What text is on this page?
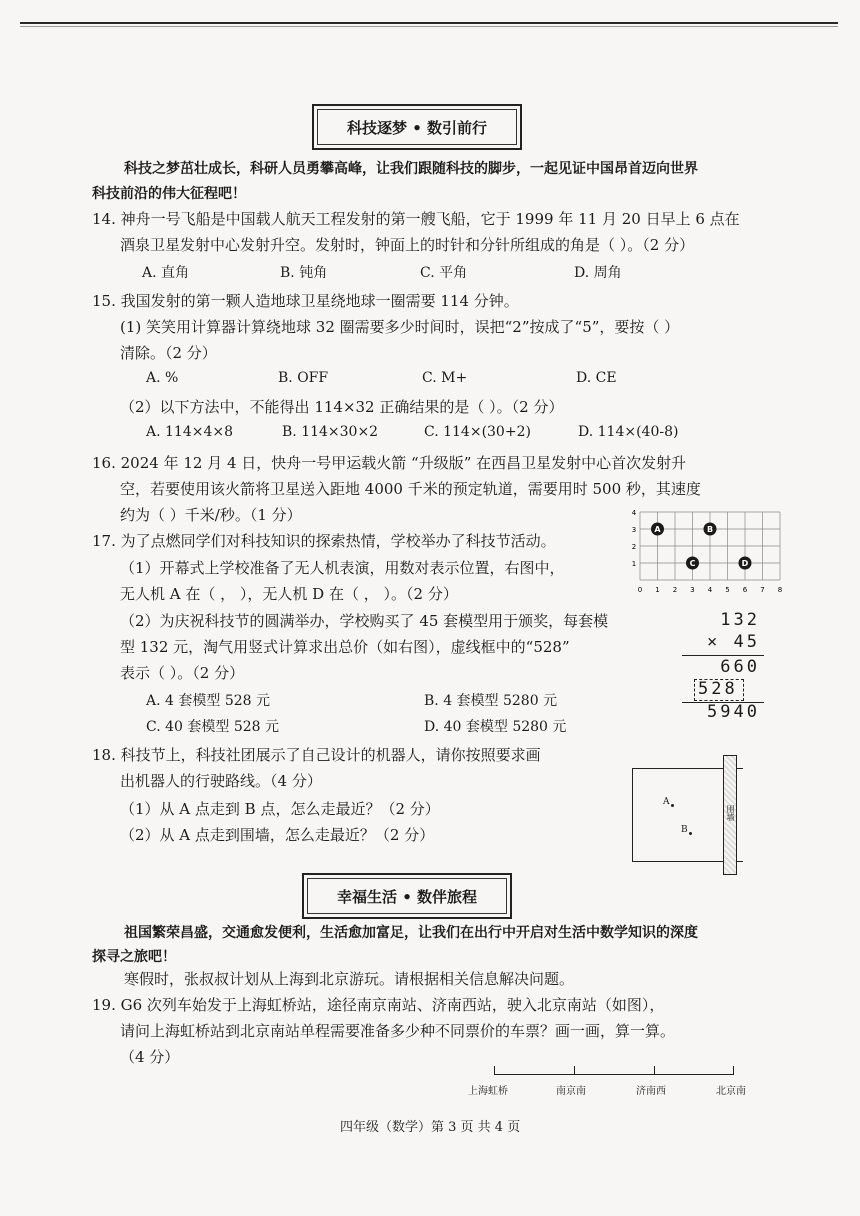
科技逐梦 • 数引前行
科技之梦茁壮成长，科研人员勇攀高峰，让我们跟随科技的脚步，一起见证中国昂首迈向世界
科技前沿的伟大征程吧！
14. 神舟一号飞船是中国载人航天工程发射的第一艘飞船，它于 1999 年 11 月 20 日早上 6 点在
酒泉卫星发射中心发射升空。发射时，钟面上的时针和分针所组成的角是（ ）。（2 分）
A. 直角	B. 钝角	C. 平角	D. 周角
15. 我国发射的第一颗人造地球卫星绕地球一圈需要 114 分钟。
(1) 笑笑用计算器计算绕地球 32 圈需要多少时间时，误把“2”按成了“5”，要按（ ）
清除。（2 分）
A. %	B. OFF	C. M+	D. CE
（2）以下方法中，不能得出 114×32 正确结果的是（ ）。（2 分）
A. 114×4×8	B. 114×30×2	C. 114×(30+2)	D. 114×(40-8)
16. 2024 年 12 月 4 日，快舟一号甲运载火箭 “升级版” 在西昌卫星发射中心首次发射升
空，若要使用该火箭将卫星送入距地 4000 千米的预定轨道，需要用时 500 秒，其速度
约为（ ）千米/秒。（1 分）
17. 为了点燃同学们对科技知识的探索热情，学校举办了科技节活动。
（1）开幕式上学校准备了无人机表演，用数对表示位置，右图中，
无人机 A 在（ ， ），无人机 D 在（ ， ）。（2 分）
（2）为庆祝科技节的圆满举办，学校购买了 45 套模型用于颁奖，每套模
型 132 元，淘气用竖式计算求出总价（如右图），虚线框中的“528”
表示（ ）。（2 分）
A. 4 套模型 528 元	B. 4 套模型 5280 元
C. 40 套模型 528 元	D. 40 套模型 5280 元
0 1 2 3 4 5 6 7 8
1
2
3
4
A	B
C	D
132
× 45
660
528
5940
18. 科技节上，科技社团展示了自己设计的机器人，请你按照要求画
出机器人的行驶路线。（4 分）
（1）从 A 点走到 B 点，怎么走最近？（2 分）
（2）从 A 点走到围墙，怎么走最近？（2 分）
围墙
A
B
幸福生活 • 数伴旅程
祖国繁荣昌盛，交通愈发便利，生活愈加富足，让我们在出行中开启对生活中数学知识的深度
探寻之旅吧！
寒假时，张叔叔计划从上海到北京游玩。请根据相关信息解决问题。
19. G6 次列车始发于上海虹桥站，途径南京南站、济南西站，驶入北京南站（如图），
请问上海虹桥站到北京南站单程需要准备多少种不同票价的车票？画一画，算一算。
（4 分）
上海虹桥	南京南	济南西	北京南
四年级（数学）第 3 页 共 4 页
